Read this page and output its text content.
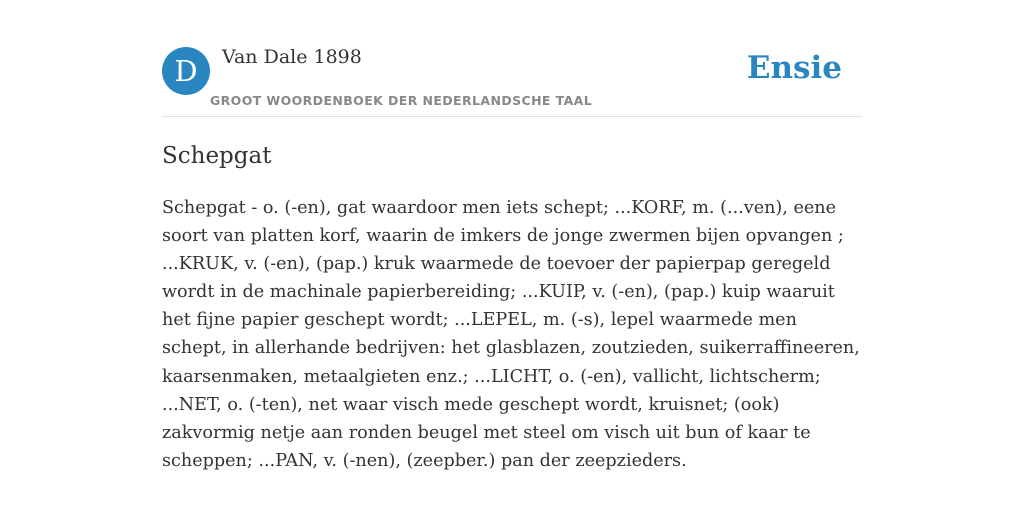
D	Van Dale 1898
GROOT WOORDENBOEK DER NEDERLANDSCHE TAAL
Ensie
Schepgat

Schepgat - o. (-en), gat waardoor men iets schept; ...KORF, m. (...ven), eene soort van platten korf, waarin de imkers de jonge zwermen bijen opvangen ; ...KRUK, v. (-en), (pap.) kruk waarmede de toevoer der papierpap geregeld wordt in de machinale papierbereiding; ...KUIP, v. (-en), (pap.) kuip waaruit het fijne papier geschept wordt; ...LEPEL, m. (-s), lepel waarmede men schept, in allerhande bedrijven: het glasblazen, zoutzieden, suikerraffineeren, kaarsenmaken, metaalgieten enz.; ...LICHT, o. (-en), vallicht, lichtscherm; ...NET, o. (-ten), net waar visch mede geschept wordt, kruisnet; (ook) zakvormig netje aan ronden beugel met steel om visch uit bun of kaar te scheppen; ...PAN, v. (-nen), (zeepber.) pan der zeepzieders.
